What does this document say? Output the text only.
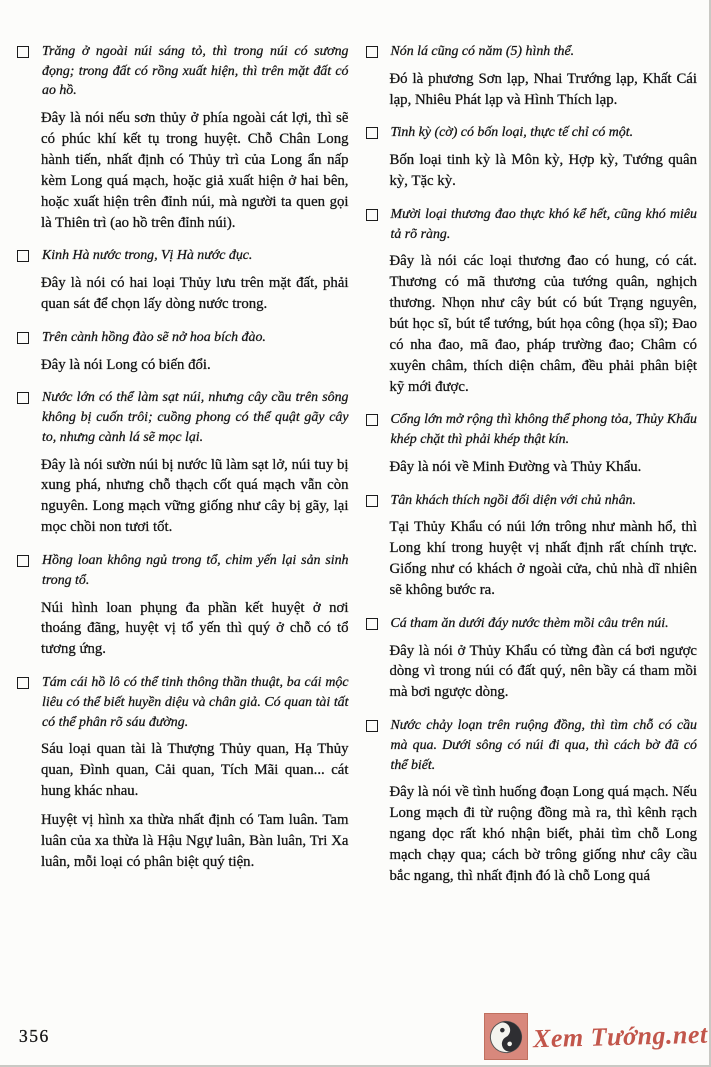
Trăng ở ngoài núi sáng tỏ, thì trong núi có sương đọng; trong đất có rồng xuất hiện, thì trên mặt đất có ao hồ.

Đây là nói nếu sơn thủy ở phía ngoài cát lợi, thì sẽ có phúc khí kết tụ trong huyệt. Chỗ Chân Long hành tiến, nhất định có Thủy trì của Long ẩn nấp kèm Long quá mạch, hoặc giả xuất hiện ở hai bên, hoặc xuất hiện trên đỉnh núi, mà người ta quen gọi là Thiên trì (ao hồ trên đỉnh núi).

Kinh Hà nước trong, Vị Hà nước đục.

Đây là nói có hai loại Thủy lưu trên mặt đất, phải quan sát để chọn lấy dòng nước trong.

Trên cành hồng đào sẽ nở hoa bích đào.

Đây là nói Long có biến đổi.

Nước lớn có thể làm sạt núi, nhưng cây cầu trên sông không bị cuốn trôi; cuồng phong có thể quật gãy cây to, nhưng cành lá sẽ mọc lại.

Đây là nói sườn núi bị nước lũ làm sạt lở, núi tuy bị xung phá, nhưng chỗ thạch cốt quá mạch vẫn còn nguyên. Long mạch vững giống như cây bị gãy, lại mọc chồi non tươi tốt.

Hồng loan không ngủ trong tổ, chim yến lại sản sinh trong tổ.

Núi hình loan phụng đa phần kết huyệt ở nơi thoáng đãng, huyệt vị tổ yến thì quý ở chỗ có tổ tương ứng.

Tám cái hồ lô có thể tinh thông thần thuật, ba cái mộc liêu có thể biết huyền diệu và chân giả. Có quan tài tất có thể phân rõ sáu đường.

Sáu loại quan tài là Thượng Thủy quan, Hạ Thủy quan, Đình quan, Cải quan, Tích Mãi quan... cát hung khác nhau.

Huyệt vị hình xa thừa nhất định có Tam luân. Tam luân của xa thừa là Hậu Ngự luân, Bàn luân, Tri Xa luân, mỗi loại có phân biệt quý tiện.

Nón lá cũng có năm (5) hình thể.

Đó là phương Sơn lạp, Nhai Trướng lạp, Khất Cái lạp, Nhiêu Phát lạp và Hình Thích lạp.

Tinh kỳ (cờ) có bốn loại, thực tế chỉ có một.

Bốn loại tinh kỳ là Môn kỳ, Hợp kỳ, Tướng quân kỳ, Tặc kỳ.

Mười loại thương đao thực khó kể hết, cũng khó miêu tả rõ ràng.

Đây là nói các loại thương đao có hung, có cát. Thương có mã thương của tướng quân, nghịch thương. Nhọn như cây bút có bút Trạng nguyên, bút học sĩ, bút tể tướng, bút họa công (họa sĩ); Đao có nha đao, mã đao, pháp trường đao; Châm có xuyên châm, thích diện châm, đều phải phân biệt kỹ mới được.

Cổng lớn mở rộng thì không thể phong tỏa, Thủy Khẩu khép chặt thì phải khép thật kín.

Đây là nói về Minh Đường và Thủy Khẩu.

Tân khách thích ngồi đối diện với chủ nhân.

Tại Thủy Khẩu có núi lớn trông như mành hổ, thì Long khí trong huyệt vị nhất định rất chính trực. Giống như có khách ở ngoài cửa, chủ nhà dĩ nhiên sẽ không bước ra.

Cá tham ăn dưới đáy nước thèm mồi câu trên núi.

Đây là nói ở Thủy Khẩu có từng đàn cá bơi ngược dòng vì trong núi có đất quý, nên bầy cá tham mồi mà bơi ngược dòng.

Nước chảy loạn trên ruộng đồng, thì tìm chỗ có cầu mà qua. Dưới sông có núi đi qua, thì cách bờ đã có thể biết.

Đây là nói về tình huống đoạn Long quá mạch. Nếu Long mạch đi từ ruộng đồng mà ra, thì kênh rạch ngang dọc rất khó nhận biết, phải tìm chỗ Long mạch chạy qua; cách bờ trông giống như cây cầu bắc ngang, thì nhất định đó là chỗ Long quá

356	Xem Tướng.net
